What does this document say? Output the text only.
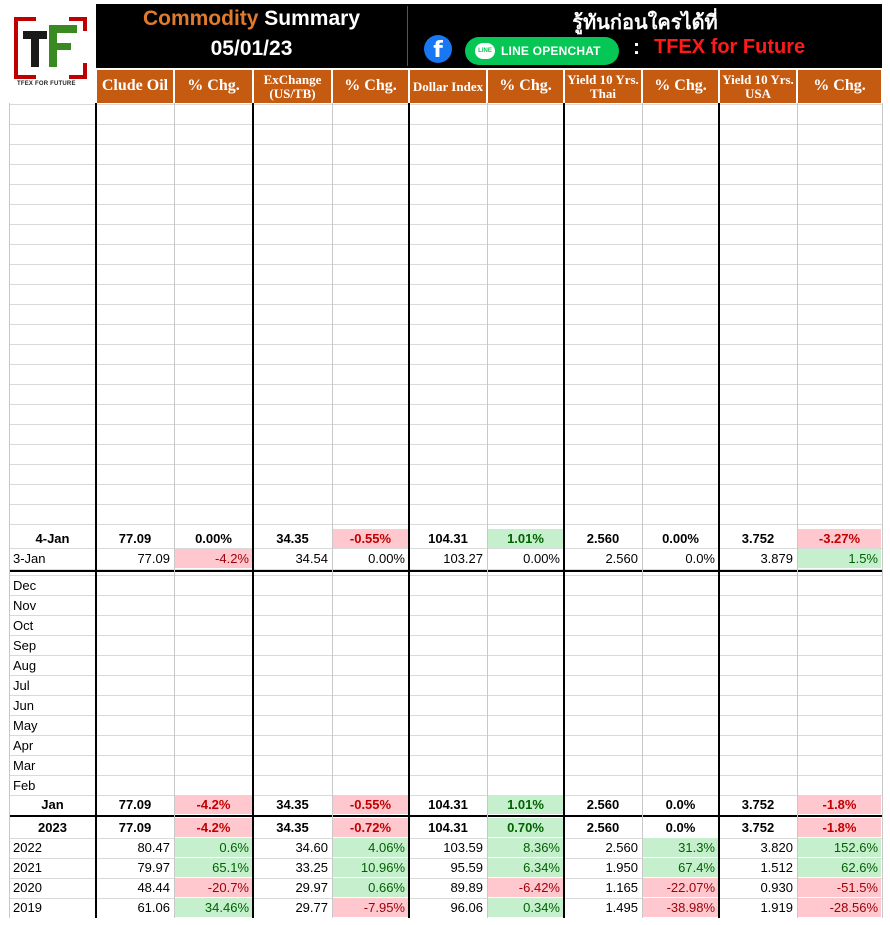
TFEX FOR FUTURE
Commodity Summary
05/01/23
รู้ทันก่อนใครได้ที่
f	LINE LINE OPENCHAT : TFEX for Future
Clude Oil	% Chg.	ExChange (US/TB)	% Chg.	Dollar Index	% Chg.	Yield 10 Yrs. Thai	% Chg.	Yield 10 Yrs. USA	% Chg.
4-Jan	77.09	0.00%	34.35	-0.55%	104.31	1.01%	2.560	0.00%	3.752	-3.27%
3-Jan	77.09	-4.2%	34.54	0.00%	103.27	0.00%	2.560	0.0%	3.879	1.5%
Dec
Nov
Oct
Sep
Aug
Jul
Jun
May
Apr
Mar
Feb
Jan	77.09	-4.2%	34.35	-0.55%	104.31	1.01%	2.560	0.0%	3.752	-1.8%
2023	77.09	-4.2%	34.35	-0.72%	104.31	0.70%	2.560	0.0%	3.752	-1.8%
2022	80.47	0.6%	34.60	4.06%	103.59	8.36%	2.560	31.3%	3.820	152.6%
2021	79.97	65.1%	33.25	10.96%	95.59	6.34%	1.950	67.4%	1.512	62.6%
2020	48.44	-20.7%	29.97	0.66%	89.89	-6.42%	1.165	-22.07%	0.930	-51.5%
2019	61.06	34.46%	29.77	-7.95%	96.06	0.34%	1.495	-38.98%	1.919	-28.56%
